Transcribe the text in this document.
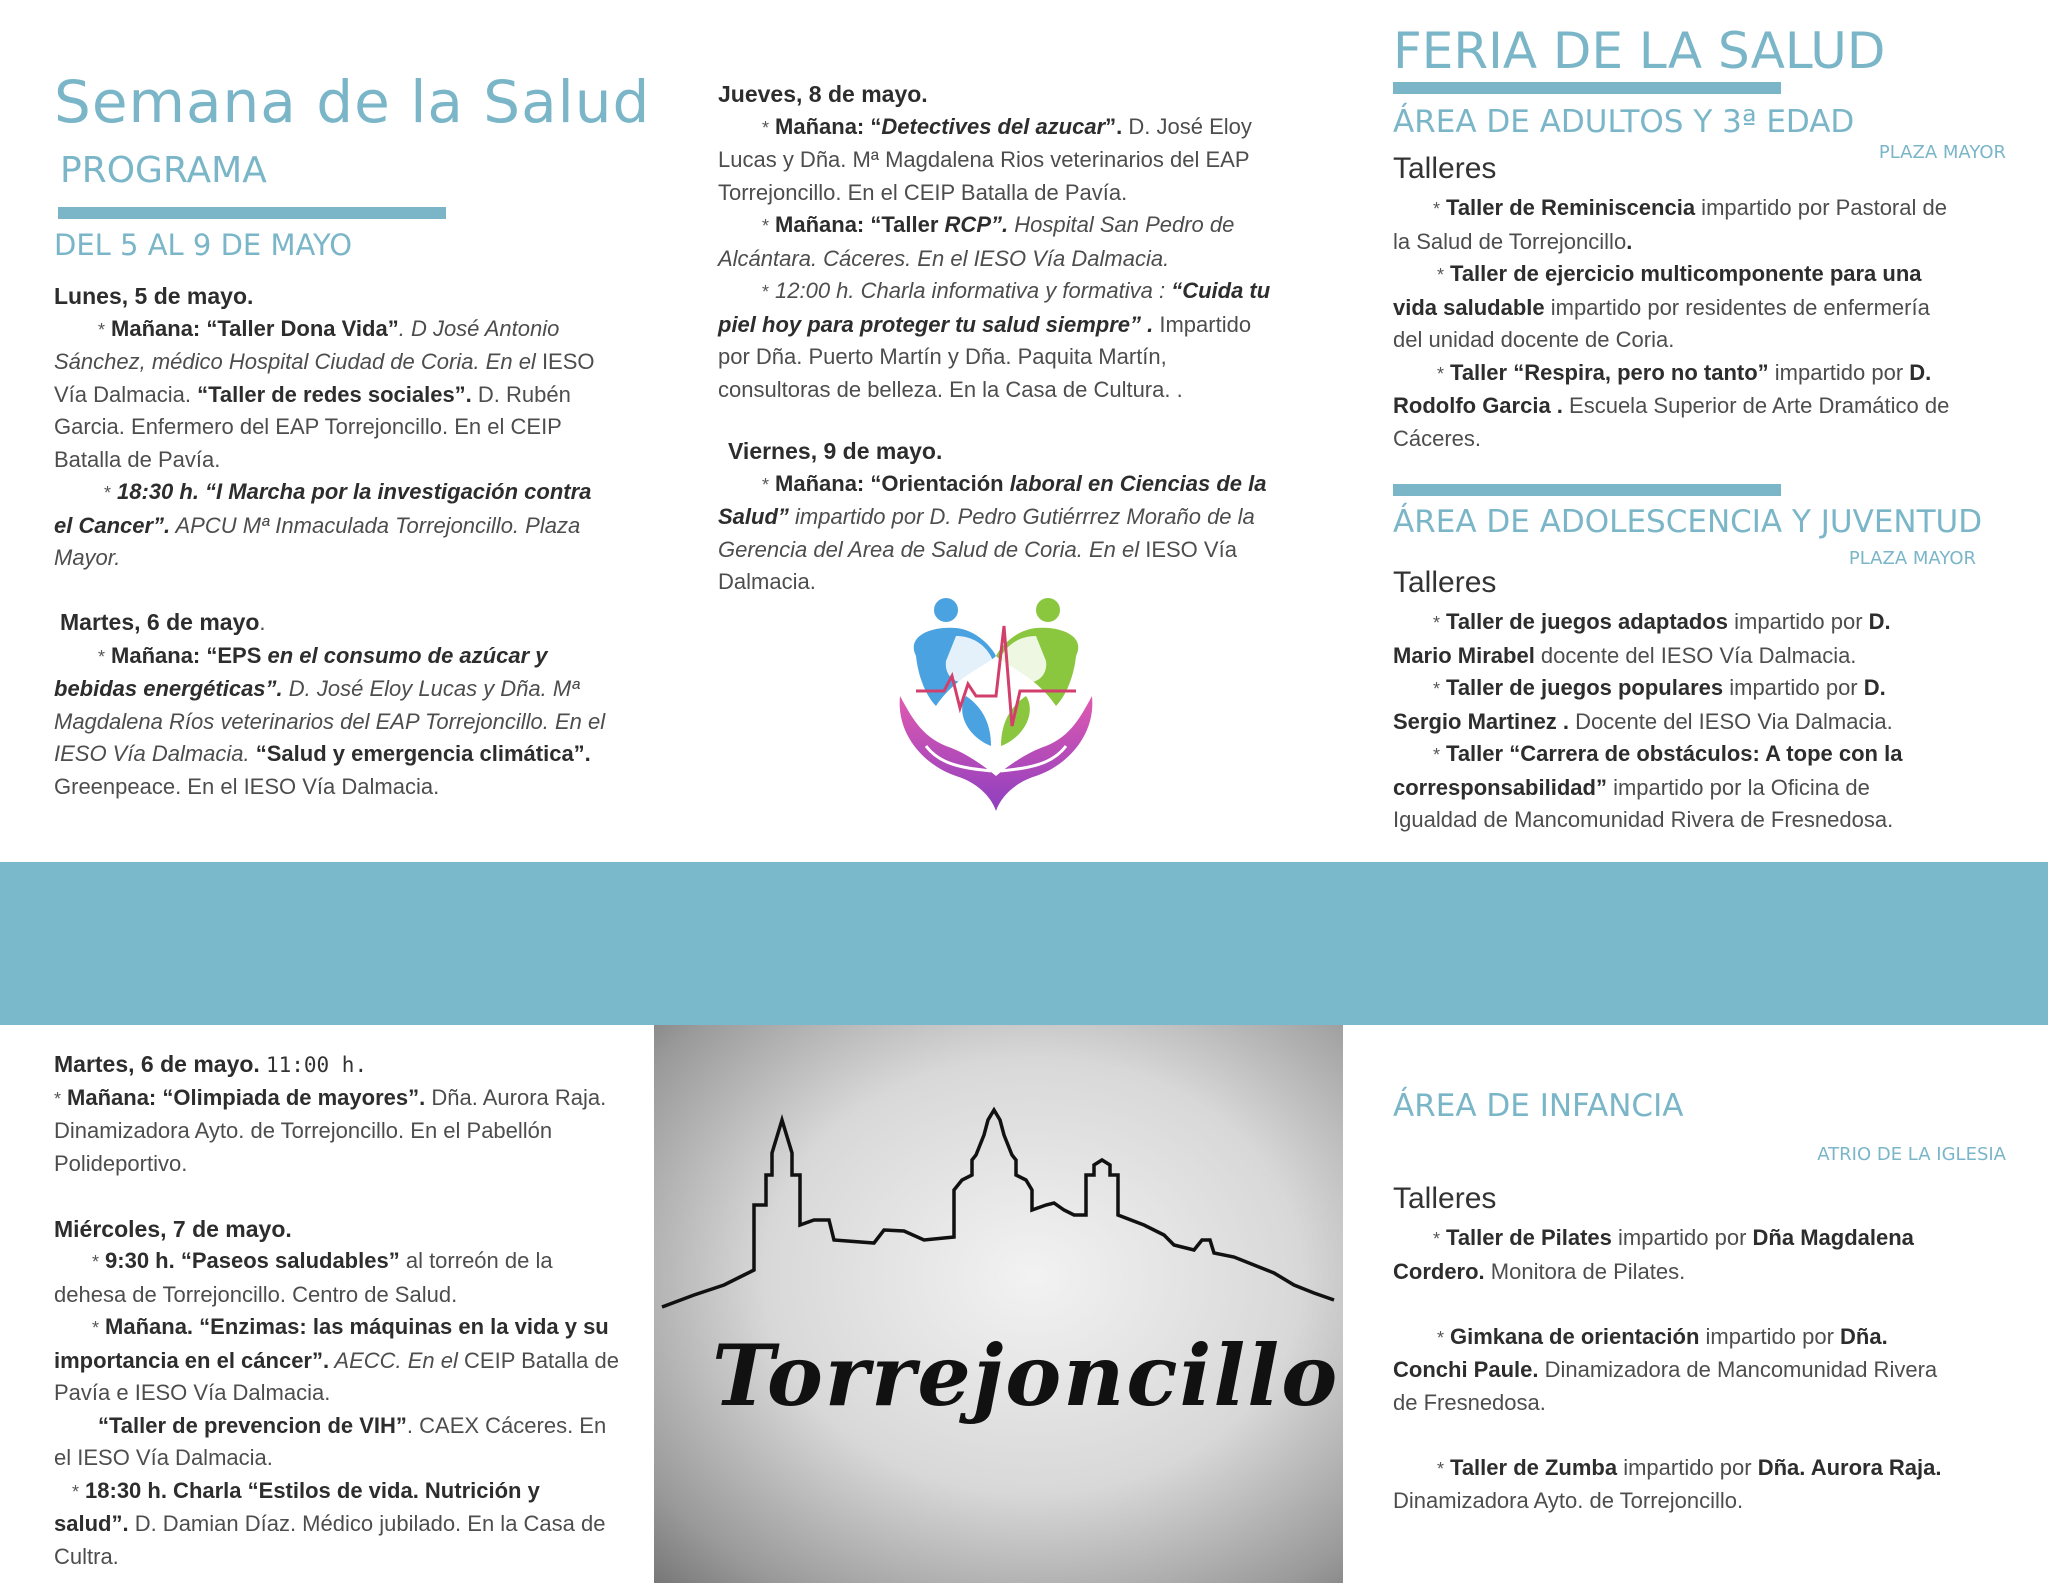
Semana de la Salud
PROGRAMA
DEL 5 AL 9 DE MAYO

Lunes, 5 de mayo.

* Mañana: “Taller Dona Vida”. D José Antonio

Sánchez, médico Hospital Ciudad de Coria. En el IESO

Vía Dalmacia. “Taller de redes sociales”. D. Rubén

Garcia. Enfermero del EAP Torrejoncillo. En el CEIP

Batalla de Pavía.

* 18:30 h. “I Marcha por la investigación contra

el Cancer”. APCU Mª Inmaculada Torrejoncillo. Plaza

Mayor.

Martes, 6 de mayo.

* Mañana: “EPS en el consumo de azúcar y

bebidas energéticas”. D. José Eloy Lucas y Dña. Mª

Magdalena Ríos veterinarios del EAP Torrejoncillo. En el

IESO Vía Dalmacia. “Salud y emergencia climática”.

Greenpeace. En el IESO Vía Dalmacia.

Jueves, 8 de mayo.

* Mañana: “Detectives del azucar”. D. José Eloy

Lucas y Dña. Mª Magdalena Rios veterinarios del EAP

Torrejoncillo. En el CEIP Batalla de Pavía.

* Mañana: “Taller RCP”. Hospital San Pedro de

Alcántara. Cáceres. En el IESO Vía Dalmacia.

* 12:00 h. Charla informativa y formativa : “Cuida tu

piel hoy para proteger tu salud siempre” . Impartido

por Dña. Puerto Martín y Dña. Paquita Martín,

consultoras de belleza. En la Casa de Cultura. .

Viernes, 9 de mayo.

* Mañana: “Orientación laboral en Ciencias de la

Salud” impartido por D. Pedro Gutiérrrez Moraño de la

Gerencia del Area de Salud de Coria. En el IESO Vía

Dalmacia.

FERIA DE LA SALUD
ÁREA DE ADULTOS Y 3ª EDAD
PLAZA MAYOR
Talleres

* Taller de Reminiscencia impartido por Pastoral de

la Salud de Torrejoncillo.

* Taller de ejercicio multicomponente para una

vida saludable impartido por residentes de enfermería

del unidad docente de Coria.

* Taller “Respira, pero no tanto” impartido por D.

Rodolfo Garcia . Escuela Superior de Arte Dramático de

Cáceres.

ÁREA DE ADOLESCENCIA Y JUVENTUD
PLAZA MAYOR
Talleres

* Taller de juegos adaptados impartido por D.

Mario Mirabel docente del IESO Vía Dalmacia.

* Taller de juegos populares impartido por D.

Sergio Martinez . Docente del IESO Via Dalmacia.

* Taller “Carrera de obstáculos: A tope con la

corresponsabilidad” impartido por la Oficina de

Igualdad de Mancomunidad Rivera de Fresnedosa.

Martes, 6 de mayo. 11:00 h.

* Mañana: “Olimpiada de mayores”. Dña. Aurora Raja.

Dinamizadora Ayto. de Torrejoncillo. En el Pabellón

Polideportivo.

Miércoles, 7 de mayo.

* 9:30 h. “Paseos saludables” al torreón de la

dehesa de Torrejoncillo. Centro de Salud.

* Mañana. “Enzimas: las máquinas en la vida y su

importancia en el cáncer”. AECC. En el CEIP Batalla de

Pavía e IESO Vía Dalmacia.

“Taller de prevencion de VIH”. CAEX Cáceres. En

el IESO Vía Dalmacia.

* 18:30 h. Charla “Estilos de vida. Nutrición y

salud”. D. Damian Díaz. Médico jubilado. En la Casa de

Cultra.

Torrejoncillo
ÁREA DE INFANCIA
ATRIO DE LA IGLESIA
Talleres

* Taller de Pilates impartido por Dña Magdalena

Cordero. Monitora de Pilates.

* Gimkana de orientación impartido por Dña.

Conchi Paule. Dinamizadora de Mancomunidad Rivera

de Fresnedosa.

* Taller de Zumba impartido por Dña. Aurora Raja.

Dinamizadora Ayto. de Torrejoncillo.
